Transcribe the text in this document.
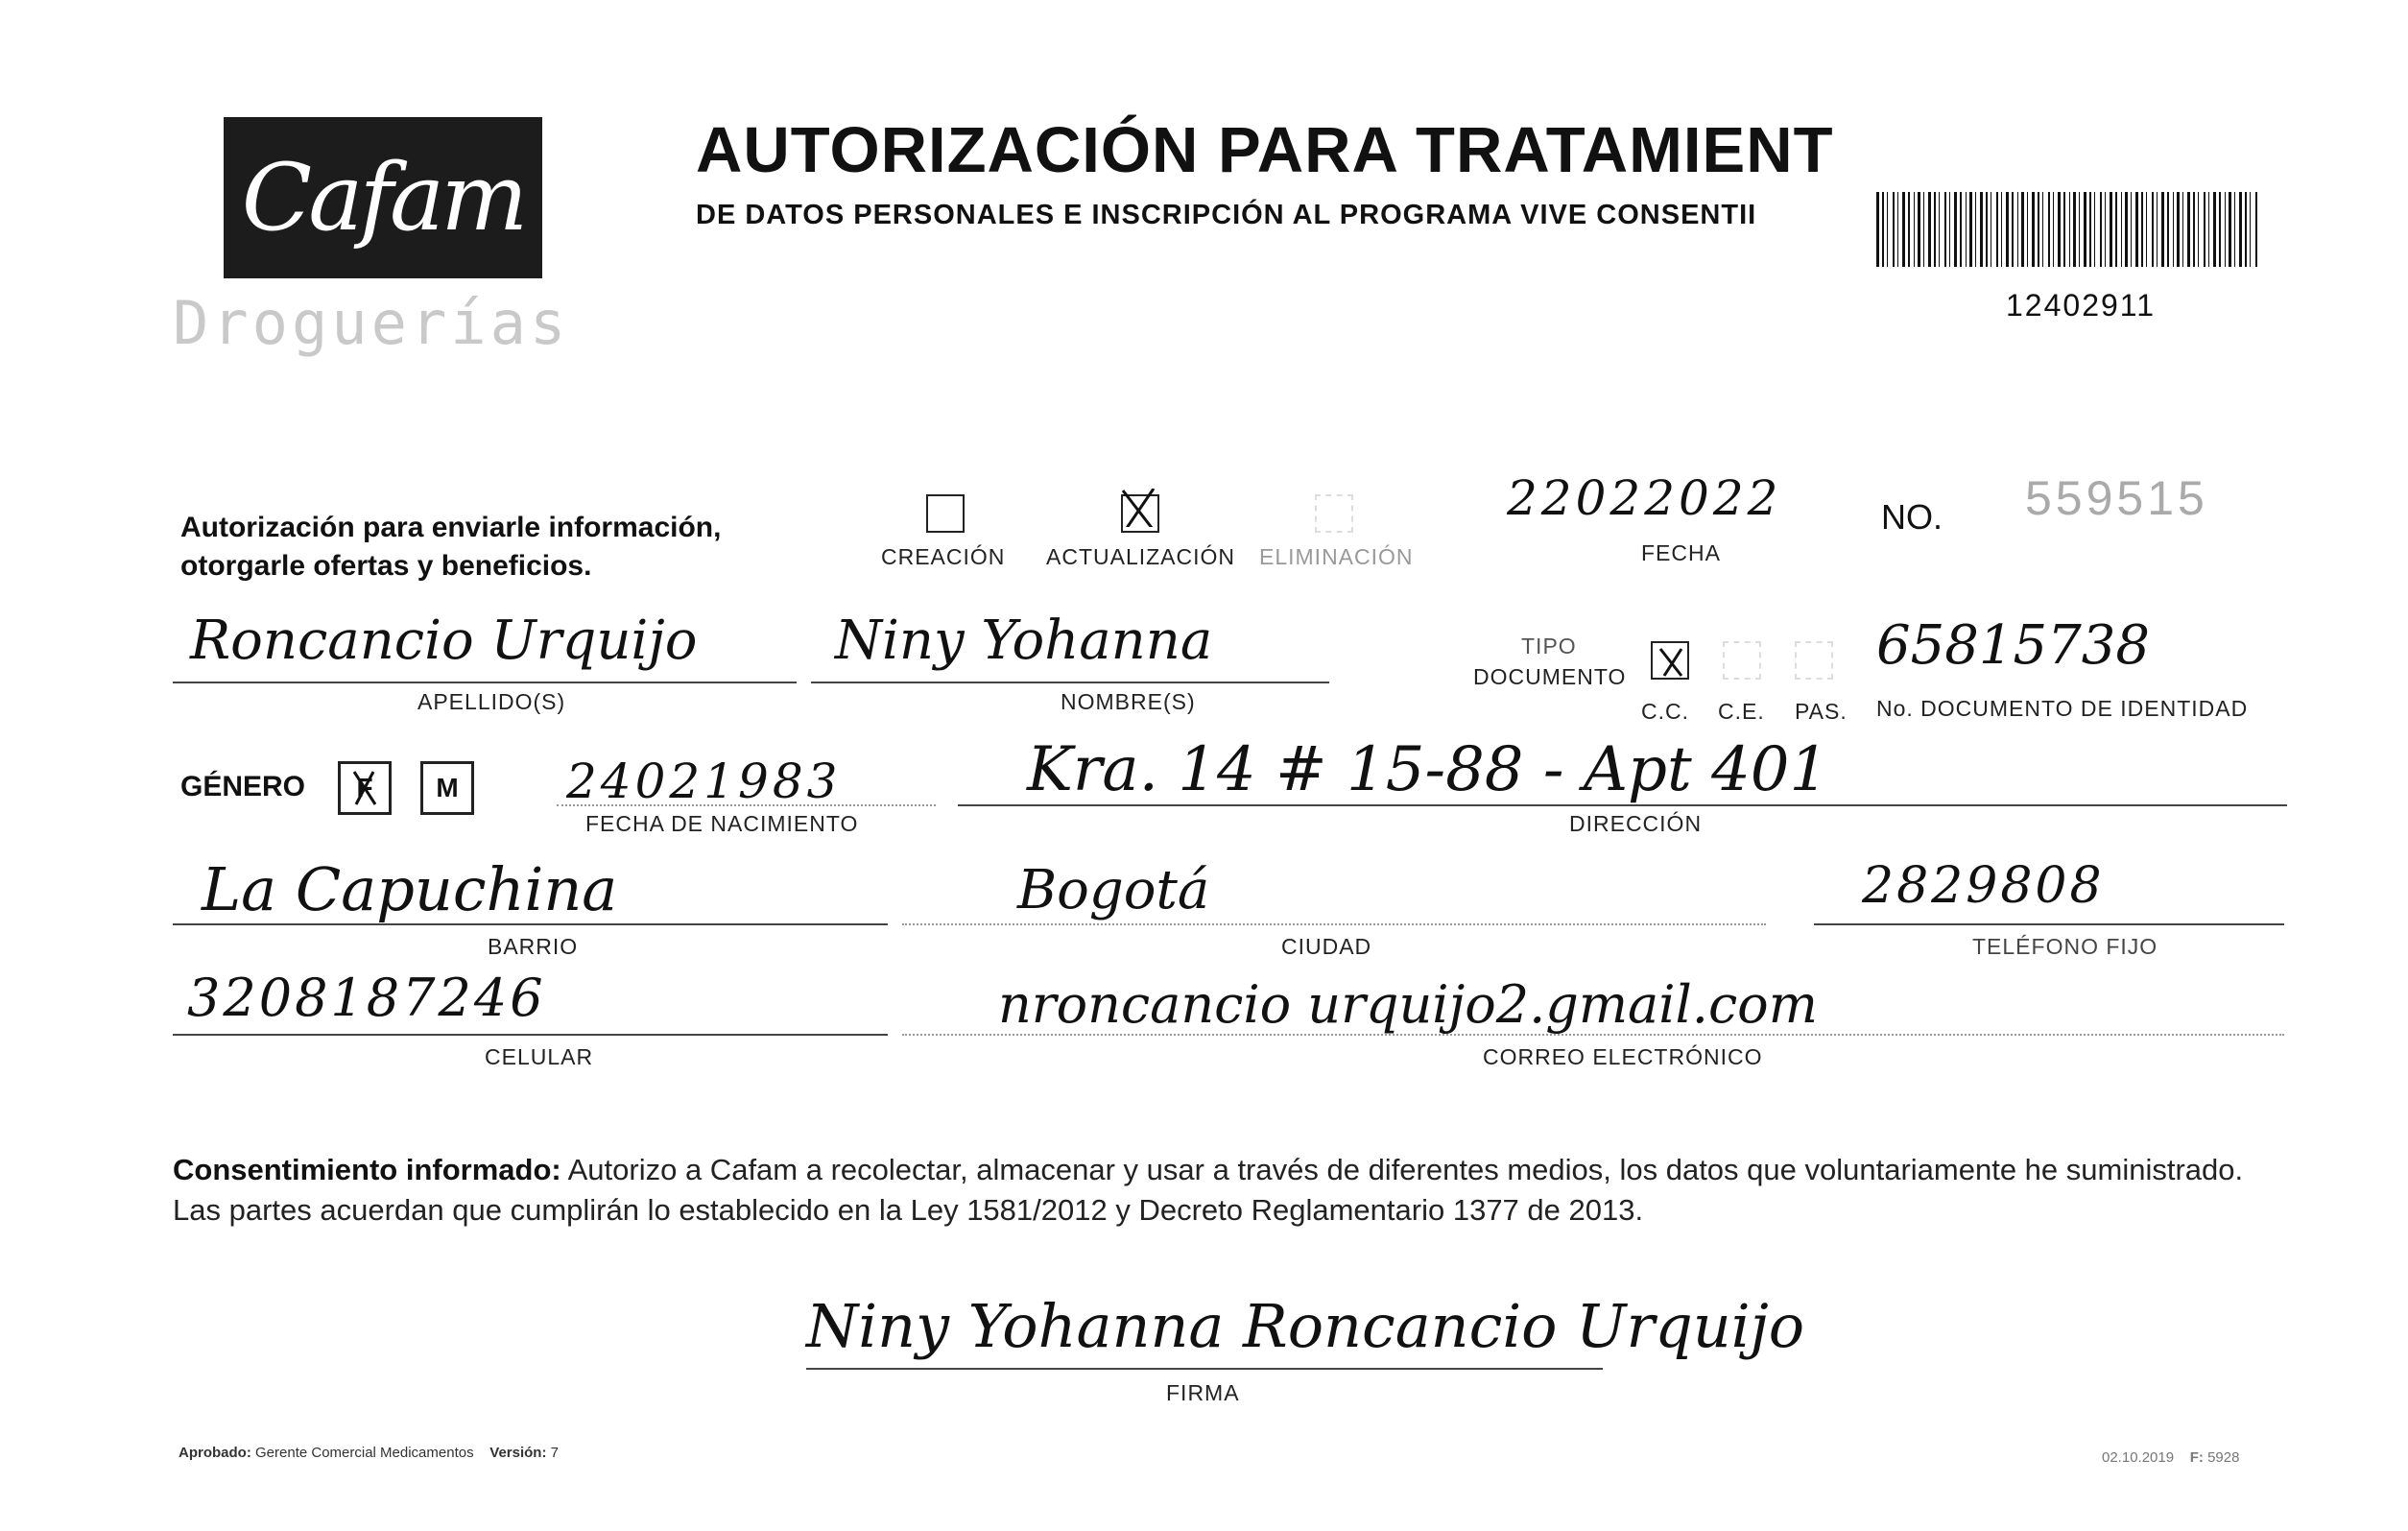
Cafam
Droguerías
AUTORIZACIÓN PARA TRATAMIENT
DE DATOS PERSONALES E INSCRIPCIÓN AL PROGRAMA VIVE CONSENTII
12402911
Autorización para enviarle información,
otorgarle ofertas y beneficios.	CREACIÓN ACTUALIZACIÓN ELIMINACIÓN
22022022
FECHA
NO. 559515
Roncancio Urquijo
APELLIDO(S)
Niny Yohanna
NOMBRE(S)
TIPO
DOCUMENTO
C.C. C.E. PAS.
65815738
No. DOCUMENTO DE IDENTIDAD
GÉNERO F M 24021983
FECHA DE NACIMIENTO
Kra. 14 # 15-88 - Apt 401
DIRECCIÓN
La Capuchina
BARRIO
Bogotá
CIUDAD
2829808
TELÉFONO FIJO
3208187246
CELULAR
nroncancio urquijo2.gmail.com
CORREO ELECTRÓNICO
Consentimiento informado: Autorizo a Cafam a recolectar, almacenar y usar a través de diferentes medios, los datos que voluntariamente he suministrado. Las partes acuerdan que cumplirán lo establecido en la Ley 1581/2012 y Decreto Reglamentario 1377 de 2013.
Niny Yohanna Roncancio Urquijo
FIRMA
Aprobado: Gerente Comercial Medicamentos Versión: 7	02.10.2019 F: 5928
